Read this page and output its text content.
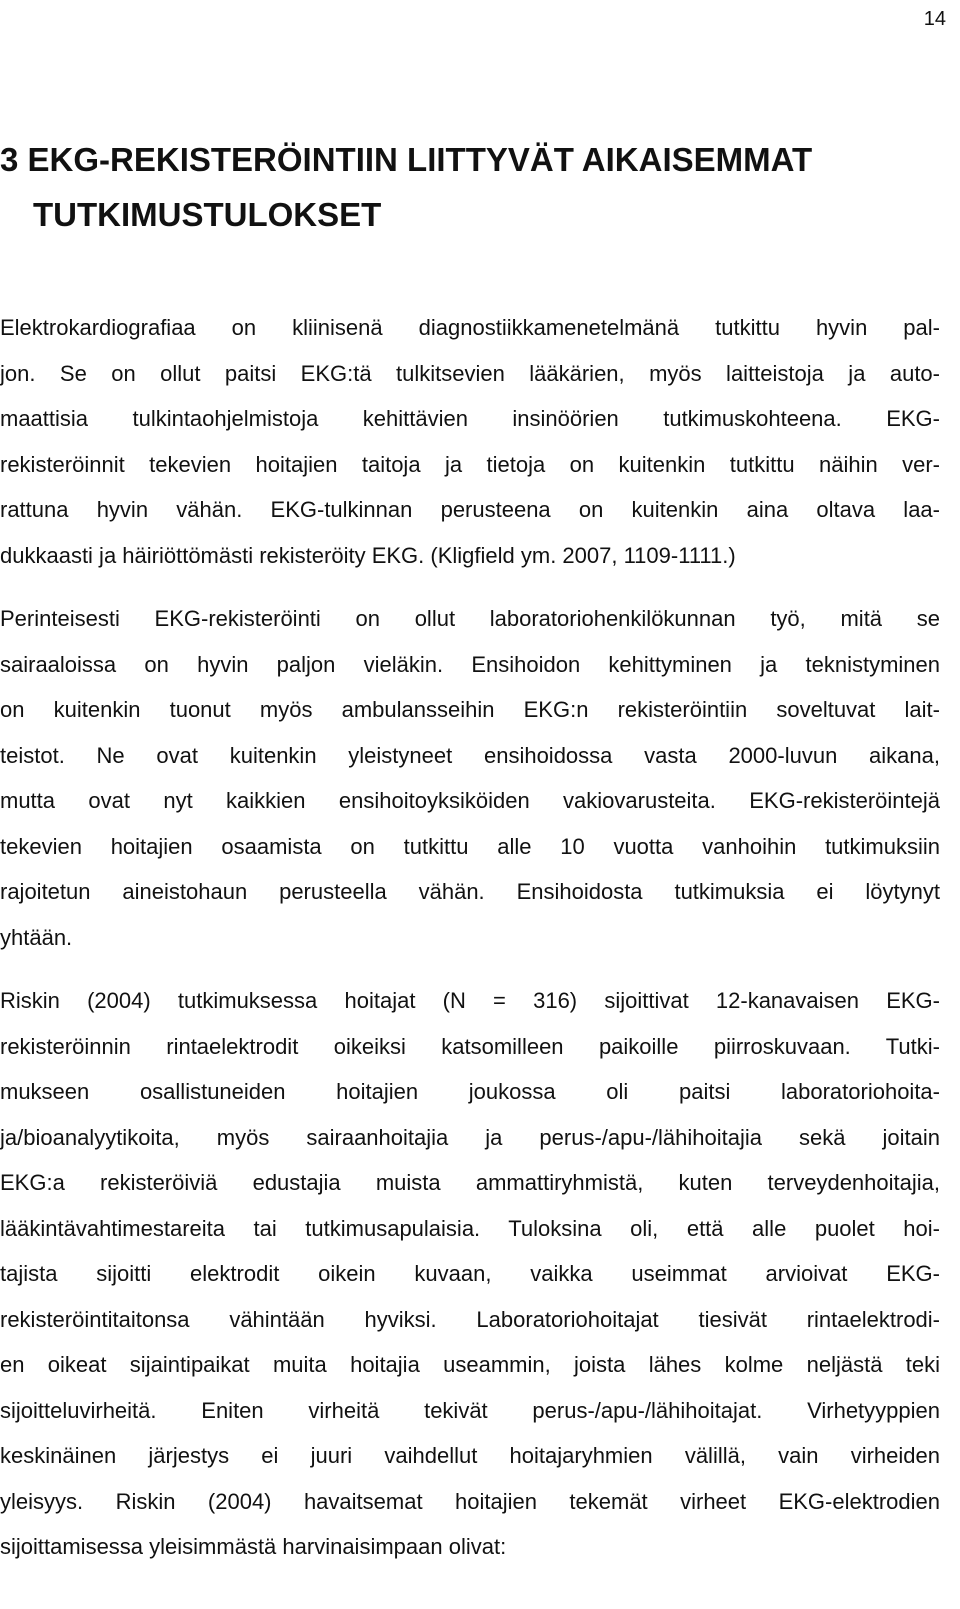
14
3 EKG-REKISTERÖINTIIN LIITTYVÄT AIKAISEMMAT
TUTKIMUSTULOKSET
Elektrokardiografiaa on kliinisenä diagnostiikkamenetelmänä tutkittu hyvin pal-
jon. Se on ollut paitsi EKG:tä tulkitsevien lääkärien, myös laitteistoja ja auto-
maattisia tulkintaohjelmistoja kehittävien insinöörien tutkimuskohteena. EKG-
rekisteröinnit tekevien hoitajien taitoja ja tietoja on kuitenkin tutkittu näihin ver-
rattuna hyvin vähän. EKG-tulkinnan perusteena on kuitenkin aina oltava laa-
dukkaasti ja häiriöttömästi rekisteröity EKG. (Kligfield ym. 2007, 1109-1111.)
Perinteisesti EKG-rekisteröinti on ollut laboratoriohenkilökunnan työ, mitä se
sairaaloissa on hyvin paljon vieläkin. Ensihoidon kehittyminen ja teknistyminen
on kuitenkin tuonut myös ambulansseihin EKG:n rekisteröintiin soveltuvat lait-
teistot. Ne ovat kuitenkin yleistyneet ensihoidossa vasta 2000-luvun aikana,
mutta ovat nyt kaikkien ensihoitoyksiköiden vakiovarusteita. EKG-rekisteröintejä
tekevien hoitajien osaamista on tutkittu alle 10 vuotta vanhoihin tutkimuksiin
rajoitetun aineistohaun perusteella vähän. Ensihoidosta tutkimuksia ei löytynyt
yhtään.
Riskin (2004) tutkimuksessa hoitajat (N = 316) sijoittivat 12-kanavaisen EKG-
rekisteröinnin rintaelektrodit oikeiksi katsomilleen paikoille piirroskuvaan. Tutki-
mukseen osallistuneiden hoitajien joukossa oli paitsi laboratoriohoita-
ja/bioanalyytikoita, myös sairaanhoitajia ja perus-/apu-/lähihoitajia sekä joitain
EKG:a rekisteröiviä edustajia muista ammattiryhmistä, kuten terveydenhoitajia,
lääkintävahtimestareita tai tutkimusapulaisia. Tuloksina oli, että alle puolet hoi-
tajista sijoitti elektrodit oikein kuvaan, vaikka useimmat arvioivat EKG-
rekisteröintitaitonsa vähintään hyviksi. Laboratoriohoitajat tiesivät rintaelektrodi-
en oikeat sijaintipaikat muita hoitajia useammin, joista lähes kolme neljästä teki
sijoitteluvirheitä. Eniten virheitä tekivät perus-/apu-/lähihoitajat. Virhetyyppien
keskinäinen järjestys ei juuri vaihdellut hoitajaryhmien välillä, vain virheiden
yleisyys. Riskin (2004) havaitsemat hoitajien tekemät virheet EKG-elektrodien
sijoittamisessa yleisimmästä harvinaisimpaan olivat:
